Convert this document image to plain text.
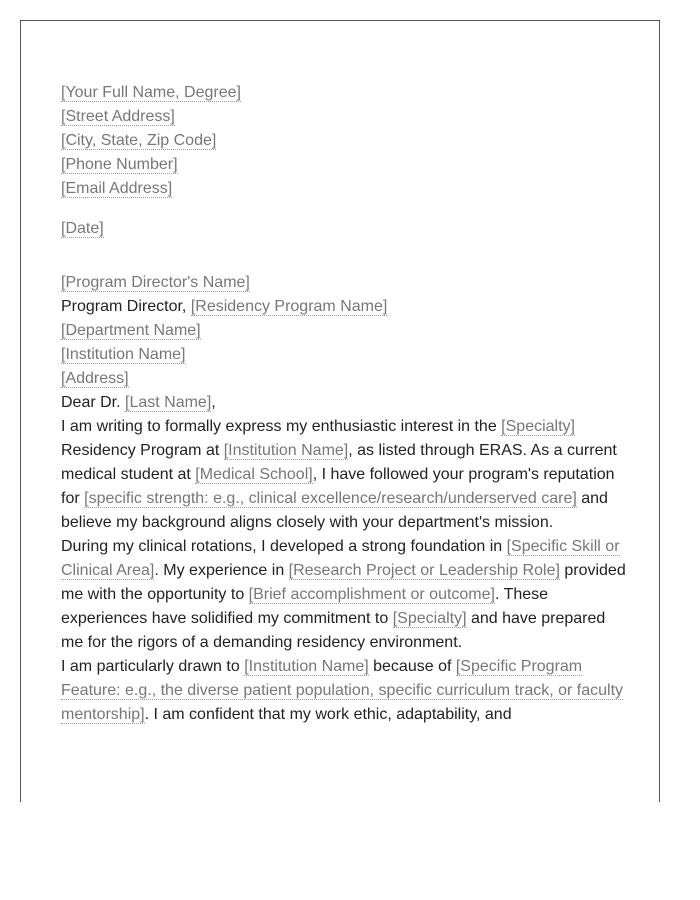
[Your Full Name, Degree]

[Street Address]

[City, State, Zip Code]

[Phone Number]

[Email Address]

[Date]

[Program Director's Name]

Program Director, [Residency Program Name]

[Department Name]

[Institution Name]

[Address]

Dear Dr. [Last Name],

I am writing to formally express my enthusiastic interest in the [Specialty] Residency Program at [Institution Name], as listed through ERAS. As a current medical student at [Medical School], I have followed your program's reputation for [specific strength: e.g., clinical excellence/research/underserved care] and believe my background aligns closely with your department's mission.

During my clinical rotations, I developed a strong foundation in [Specific Skill or Clinical Area]. My experience in [Research Project or Leadership Role] provided me with the opportunity to [Brief accomplishment or outcome]. These experiences have solidified my commitment to [Specialty] and have prepared me for the rigors of a demanding residency environment.

I am particularly drawn to [Institution Name] because of [Specific Program Feature: e.g., the diverse patient population, specific curriculum track, or faculty mentorship]. I am confident that my work ethic, adaptability, and
